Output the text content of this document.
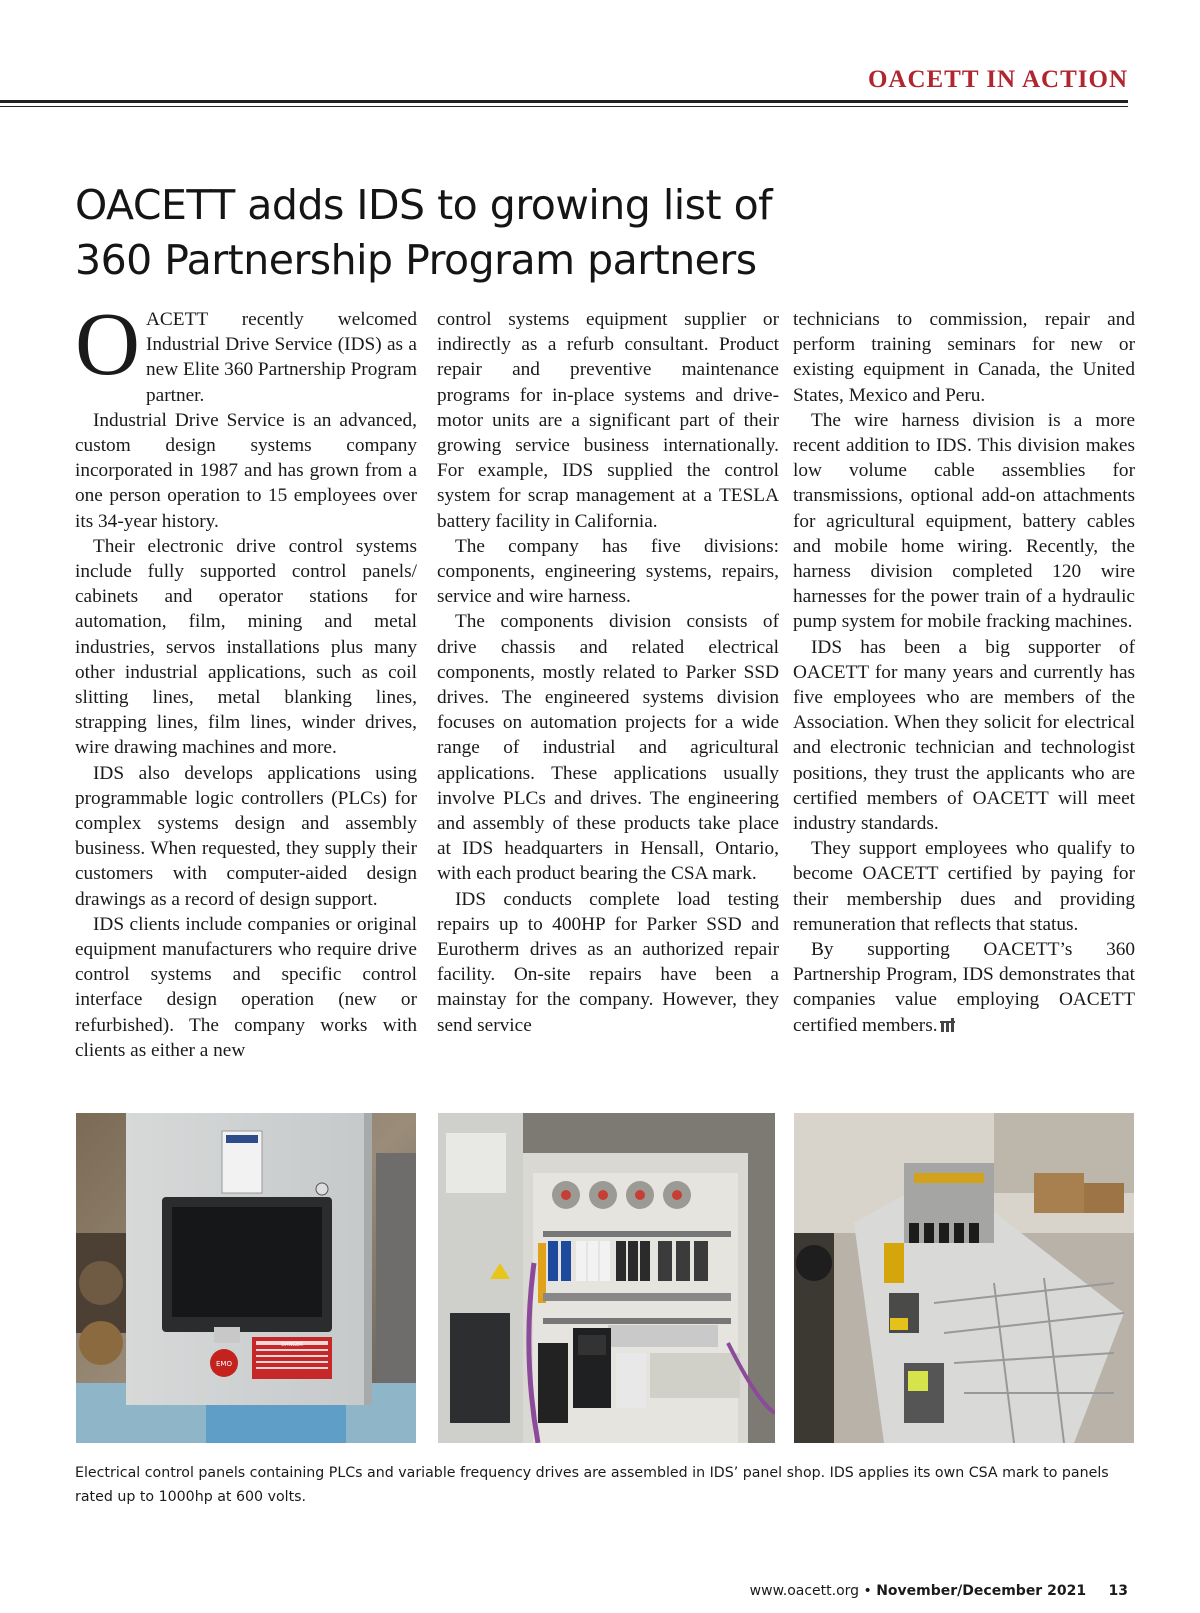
OACETT IN ACTION
OACETT adds IDS to growing list of
360 Partnership Program partners

OACETT recently welcomed Industrial Drive Service (IDS) as a new Elite 360 Partnership Program partner.

Industrial Drive Service is an advanced, custom design systems company incorporated in 1987 and has grown from a one person operation to 15 employees over its 34-year history.

Their electronic drive control systems include fully supported control panels/ cabinets and operator stations for automation, film, mining and metal industries, servos installations plus many other industrial applications, such as coil slitting lines, metal blanking lines, strapping lines, film lines, winder drives, wire drawing machines and more.

IDS also develops applications using programmable logic controllers (PLCs) for complex systems design and assembly business. When requested, they supply their customers with computer-aided design drawings as a record of design support.

IDS clients include companies or original equipment manufacturers who require drive control systems and specific control interface design operation (new or refurbished). The company works with clients as either a new

control systems equipment supplier or indirectly as a refurb consultant. Product repair and preventive maintenance programs for in-place systems and drive-motor units are a significant part of their growing service business internationally. For example, IDS supplied the control system for scrap management at a TESLA battery facility in California.

The company has five divisions: components, engineering systems, repairs, service and wire harness.

The components division consists of drive chassis and related electrical components, mostly related to Parker SSD drives. The engineered systems division focuses on automation projects for a wide range of industrial and agricultural applications. These applications usually involve PLCs and drives. The engineering and assembly of these products take place at IDS headquarters in Hensall, Ontario, with each product bearing the CSA mark.

IDS conducts complete load testing repairs up to 400HP for Parker SSD and Eurotherm drives as an authorized repair facility. On-site repairs have been a mainstay for the company. However, they send service

technicians to commission, repair and perform training seminars for new or existing equipment in Canada, the United States, Mexico and Peru.

The wire harness division is a more recent addition to IDS. This division makes low volume cable assemblies for transmissions, optional add-on attachments for agricultural equipment, battery cables and mobile home wiring. Recently, the harness division completed 120 wire harnesses for the power train of a hydraulic pump system for mobile fracking machines.

IDS has been a big supporter of OACETT for many years and currently has five employees who are members of the Association. When they solicit for electrical and electronic technician and technologist positions, they trust the applicants who are certified members of OACETT will meet industry standards.

They support employees who qualify to become OACETT certified by paying for their membership dues and providing remuneration that reflects that status.

By supporting OACETT’s 360 Partnership Program, IDS demonstrates that companies value employing OACETT certified members.

EMO
DANGER
Electrical control panels containing PLCs and variable frequency drives are assembled in IDS’ panel shop. IDS applies its own CSA mark to panels rated up to 1000hp at 600 volts.
www.oacett.org • November/December 2021 13
